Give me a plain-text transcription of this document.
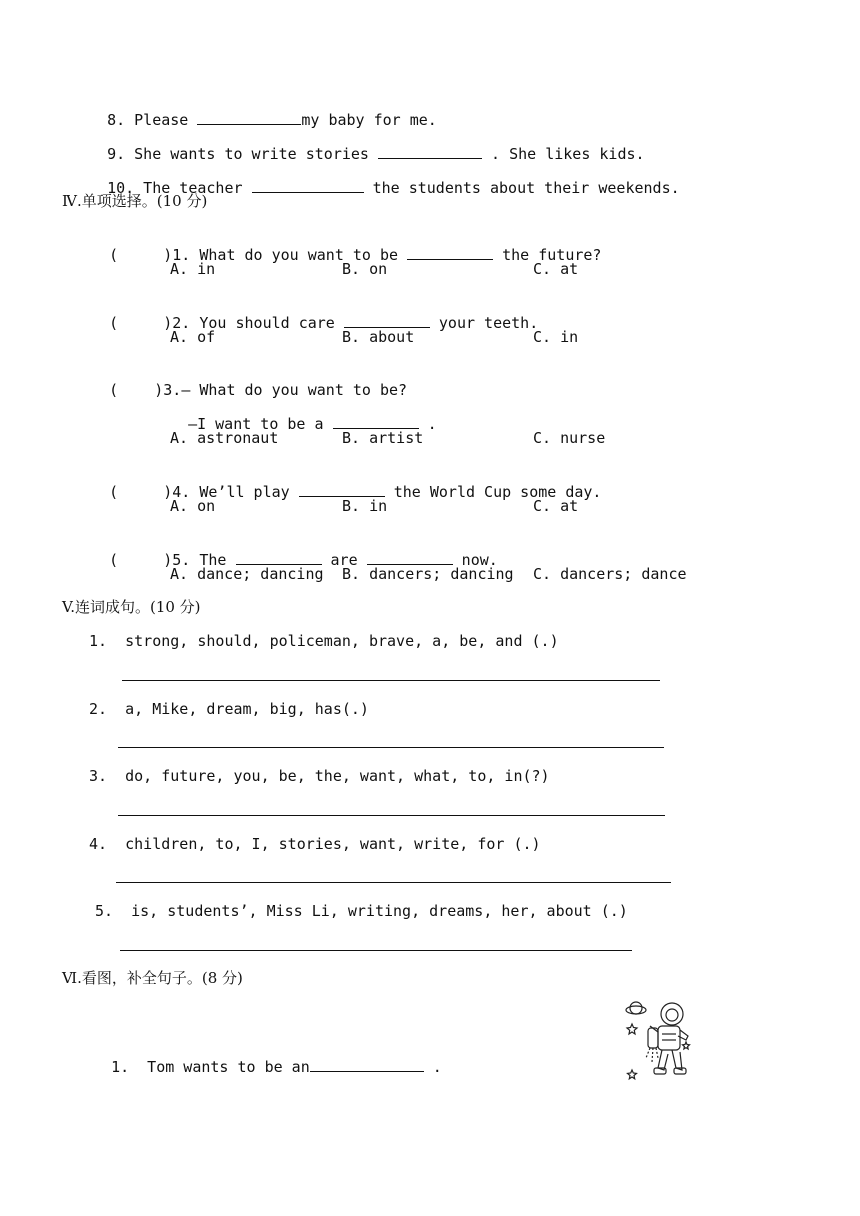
8. Please	my baby for me.

9. She wants to write stories	. She likes kids.

10. The teacher	the students about their weekends.

Ⅳ.单项选择。(10 分)

(     )1. What do you want to be	the future?

A. in	B. on	C. at

(     )2. You should care	your teeth.

A. of	B. about	C. in

(    )3.— What do you want to be?

—I want to be a	.

A. astronaut	B. artist	C. nurse

(     )4. We’ll play	the World Cup some day.

A. on	B. in	C. at

(     )5. The	are	now.

A. dance; dancing B. dancers; dancing C. dancers; dance
V.连词成句。(10 分)
1.  strong, should, policeman, brave, a, be, and (.)
2.  a, Mike, dream, big, has(.)
3.  do, future, you, be, the, want, what, to, in(?)
4.  children, to, I, stories, want, write, for (.)
5.  is, students’, Miss Li, writing, dreams, her, about (.)
Ⅵ.看图，补全句子。(8 分)

1.  Tom wants to be an	.
